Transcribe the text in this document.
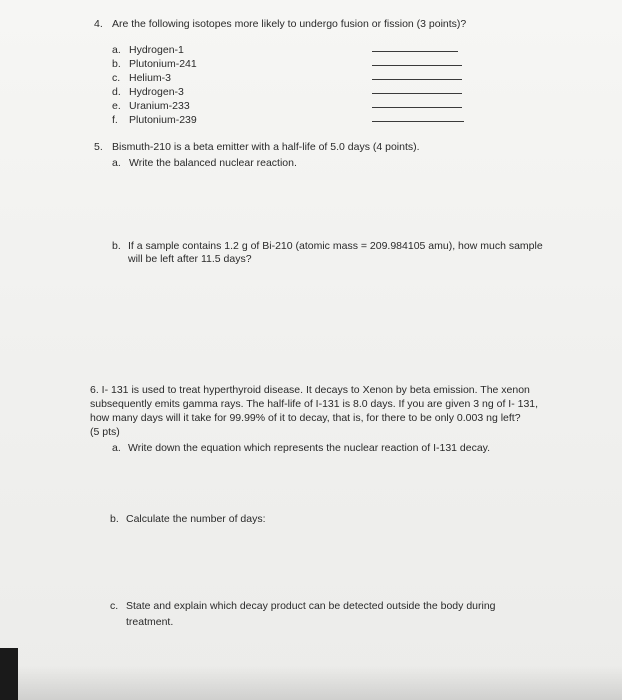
4. Are the following isotopes more likely to undergo fusion or fission (3 points)?
a. Hydrogen-1
b. Plutonium-241
c. Helium-3
d. Hydrogen-3
e. Uranium-233
f. Plutonium-239
5. Bismuth-210 is a beta emitter with a half-life of 5.0 days (4 points).
a. Write the balanced nuclear reaction.
b. If a sample contains 1.2 g of Bi-210 (atomic mass = 209.984105 amu), how much sample
will be left after 11.5 days?
6. I- 131 is used to treat hyperthyroid disease. It decays to Xenon by beta emission. The xenon
subsequently emits gamma rays. The half-life of I-131 is 8.0 days. If you are given 3 ng of I- 131,
how many days will it take for 99.99% of it to decay, that is, for there to be only 0.003 ng left?
(5 pts)
a. Write down the equation which represents the nuclear reaction of I-131 decay.
b. Calculate the number of days:
c. State and explain which decay product can be detected outside the body during
treatment.
